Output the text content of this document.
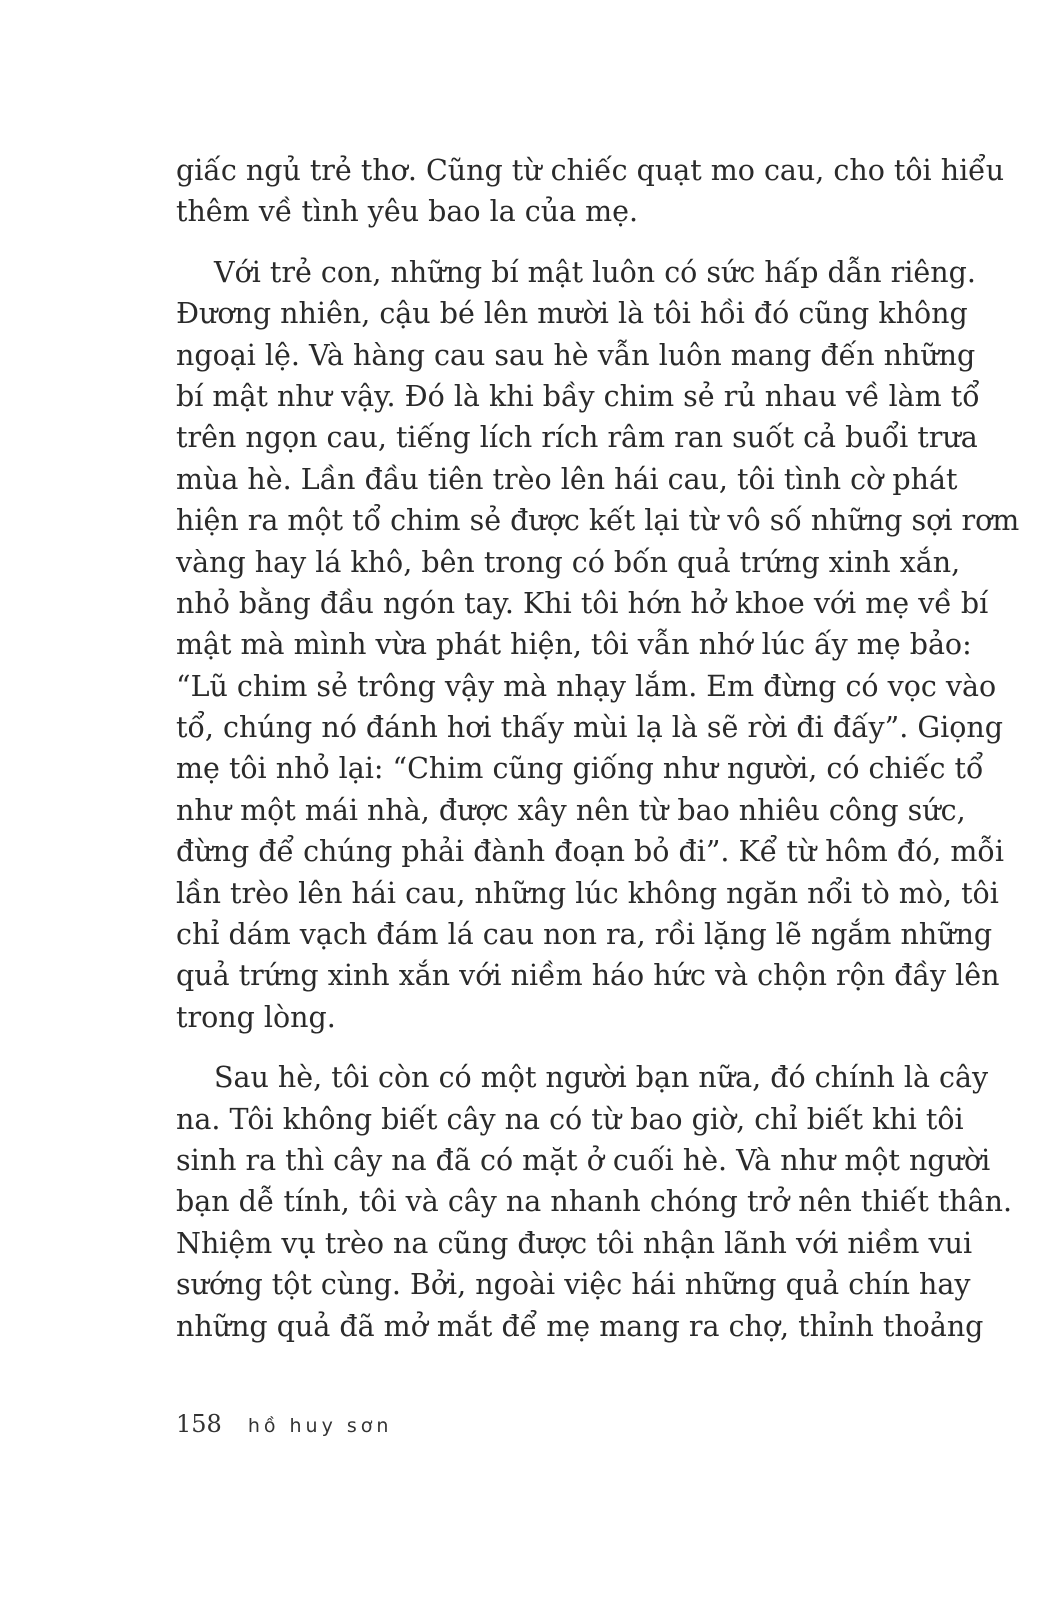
giấc ngủ trẻ thơ. Cũng từ chiếc quạt mo cau, cho tôi hiểu
thêm về tình yêu bao la của mẹ.
Với trẻ con, những bí mật luôn có sức hấp dẫn riêng.
Đương nhiên, cậu bé lên mười là tôi hồi đó cũng không
ngoại lệ. Và hàng cau sau hè vẫn luôn mang đến những
bí mật như vậy. Đó là khi bầy chim sẻ rủ nhau về làm tổ
trên ngọn cau, tiếng lích rích râm ran suốt cả buổi trưa
mùa hè. Lần đầu tiên trèo lên hái cau, tôi tình cờ phát
hiện ra một tổ chim sẻ được kết lại từ vô số những sợi rơm
vàng hay lá khô, bên trong có bốn quả trứng xinh xắn,
nhỏ bằng đầu ngón tay. Khi tôi hớn hở khoe với mẹ về bí
mật mà mình vừa phát hiện, tôi vẫn nhớ lúc ấy mẹ bảo:
“Lũ chim sẻ trông vậy mà nhạy lắm. Em đừng có vọc vào
tổ, chúng nó đánh hơi thấy mùi lạ là sẽ rời đi đấy”. Giọng
mẹ tôi nhỏ lại: “Chim cũng giống như người, có chiếc tổ
như một mái nhà, được xây nên từ bao nhiêu công sức,
đừng để chúng phải đành đoạn bỏ đi”. Kể từ hôm đó, mỗi
lần trèo lên hái cau, những lúc không ngăn nổi tò mò, tôi
chỉ dám vạch đám lá cau non ra, rồi lặng lẽ ngắm những
quả trứng xinh xắn với niềm háo hức và chộn rộn đầy lên
trong lòng.
Sau hè, tôi còn có một người bạn nữa, đó chính là cây
na. Tôi không biết cây na có từ bao giờ, chỉ biết khi tôi
sinh ra thì cây na đã có mặt ở cuối hè. Và như một người
bạn dễ tính, tôi và cây na nhanh chóng trở nên thiết thân.
Nhiệm vụ trèo na cũng được tôi nhận lãnh với niềm vui
sướng tột cùng. Bởi, ngoài việc hái những quả chín hay
những quả đã mở mắt để mẹ mang ra chợ, thỉnh thoảng
158 hồ huy sơn
